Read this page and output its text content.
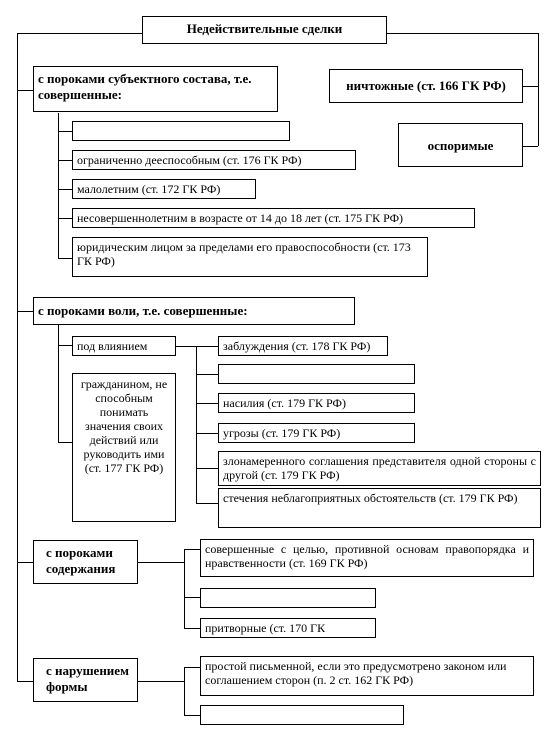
Недействительные сделки
ничтожные (ст. 166 ГК РФ)
оспоримые
с пороками субъектного состава, т.е. совершенные:
ограниченно дееспособным (ст. 176 ГК РФ)
малолетним (ст. 172 ГК РФ)
несовершеннолетним в возрасте от 14 до 18 лет (ст. 175 ГК РФ)
юридическим лицом за пределами его правоспособности (ст. 173 ГК РФ)
с пороками воли, т.е. совершенные:
под влиянием
гражданином, не способным понимать значения своих действий или руководить ими (ст. 177 ГК РФ)
заблуждения (ст. 178 ГК РФ)
насилия (ст. 179 ГК РФ)
угрозы (ст. 179 ГК РФ)
злонамеренного соглашения представителя одной стороны с другой (ст. 179 ГК РФ)
стечения неблагоприятных обстоятельств (ст. 179 ГК РФ)
с пороками содержания
совершенные с целью, противной основам правопорядка и нравственности (ст. 169 ГК РФ)
притворные (ст. 170 ГК
с нарушением формы
простой письменной, если это предусмотрено законом или соглашением сторон (п. 2 ст. 162 ГК РФ)
